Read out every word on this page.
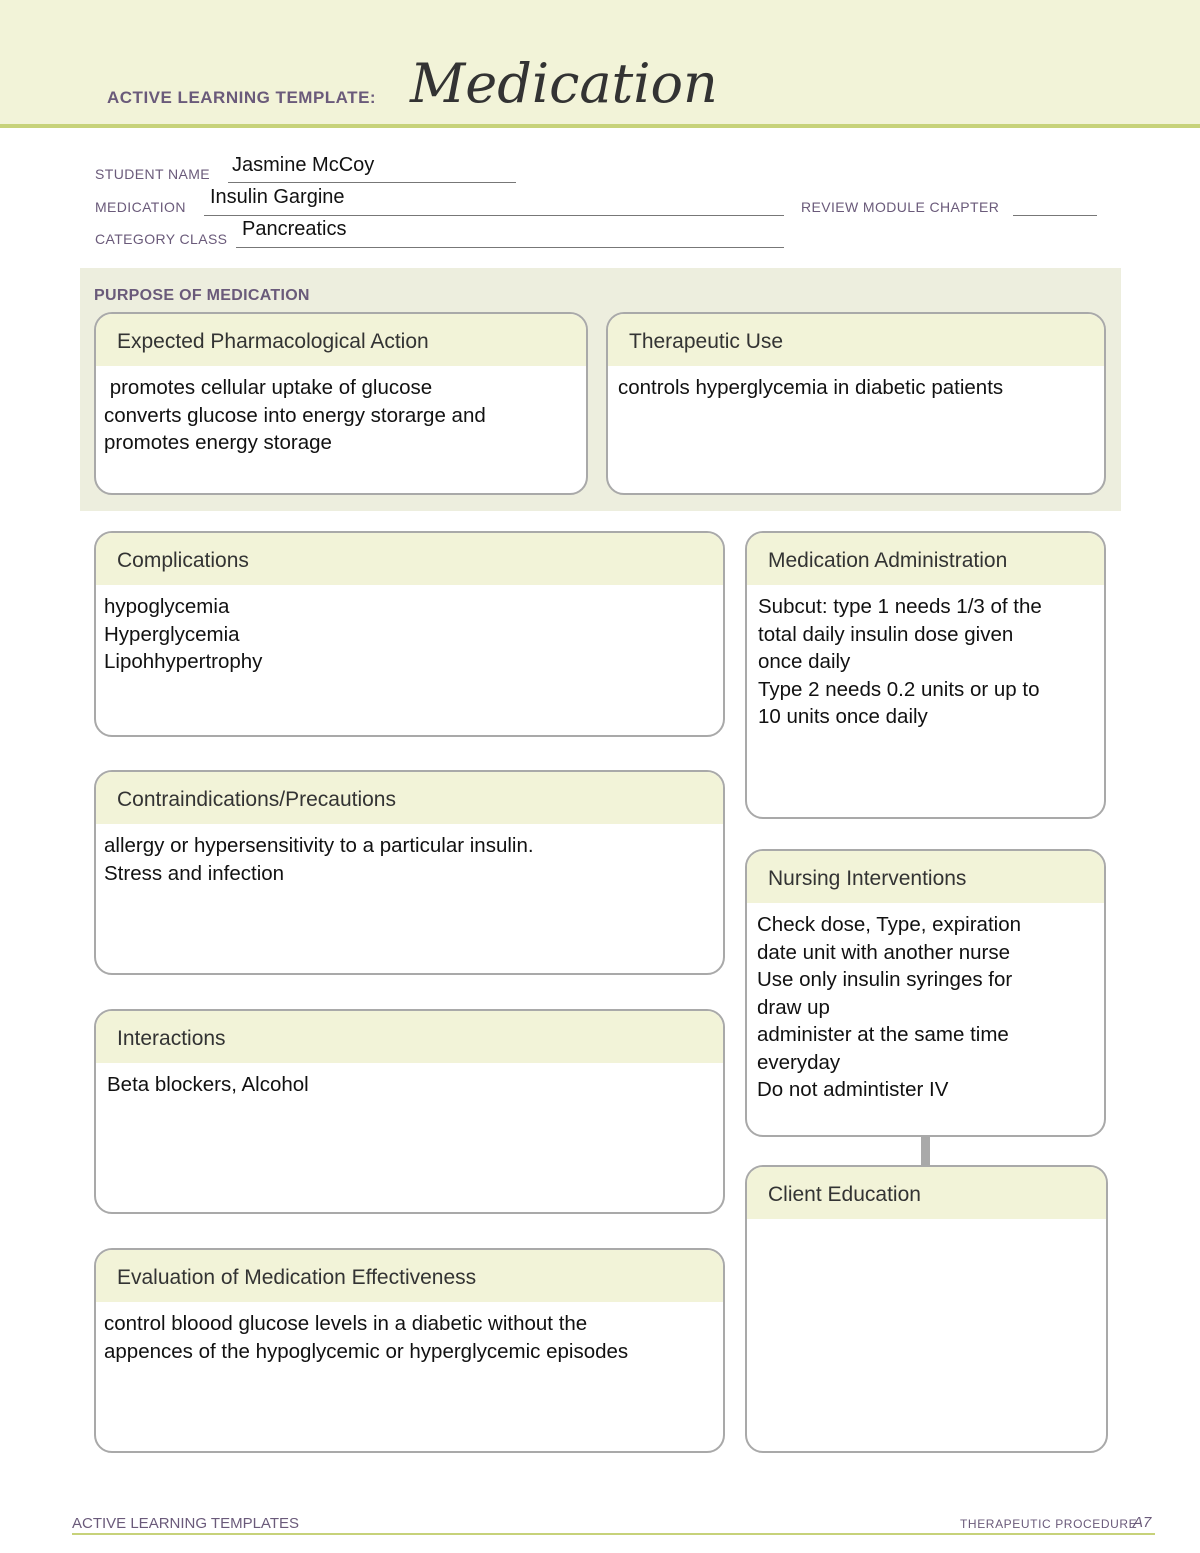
ACTIVE LEARNING TEMPLATE: Medication
STUDENT NAME Jasmine McCoy
MEDICATION Insulin Gargine	REVIEW MODULE CHAPTER
CATEGORY CLASS Pancreatics
PURPOSE OF MEDICATION
Expected Pharmacological Action
promotes cellular uptake of glucose
converts glucose into energy storarge and
promotes energy storage
Therapeutic Use
controls hyperglycemia in diabetic patients
Complications
hypoglycemia
Hyperglycemia
Lipohhypertrophy
Contraindications/Precautions
allergy or hypersensitivity to a particular insulin.
Stress and infection
Interactions
Beta blockers, Alcohol
Evaluation of Medication Effectiveness
control bloood glucose levels in a diabetic without the
appences of the hypoglycemic or hyperglycemic episodes
Medication Administration
Subcut: type 1 needs 1/3 of the
total daily insulin dose given
once daily
Type 2 needs 0.2 units or up to
10 units once daily
Nursing Interventions
Check dose, Type, expiration
date unit with another nurse
Use only insulin syringes for
draw up
administer at the same time
everyday
Do not admintister IV
Client Education
ACTIVE LEARNING TEMPLATES	THERAPEUTIC PROCEDURE
A7
